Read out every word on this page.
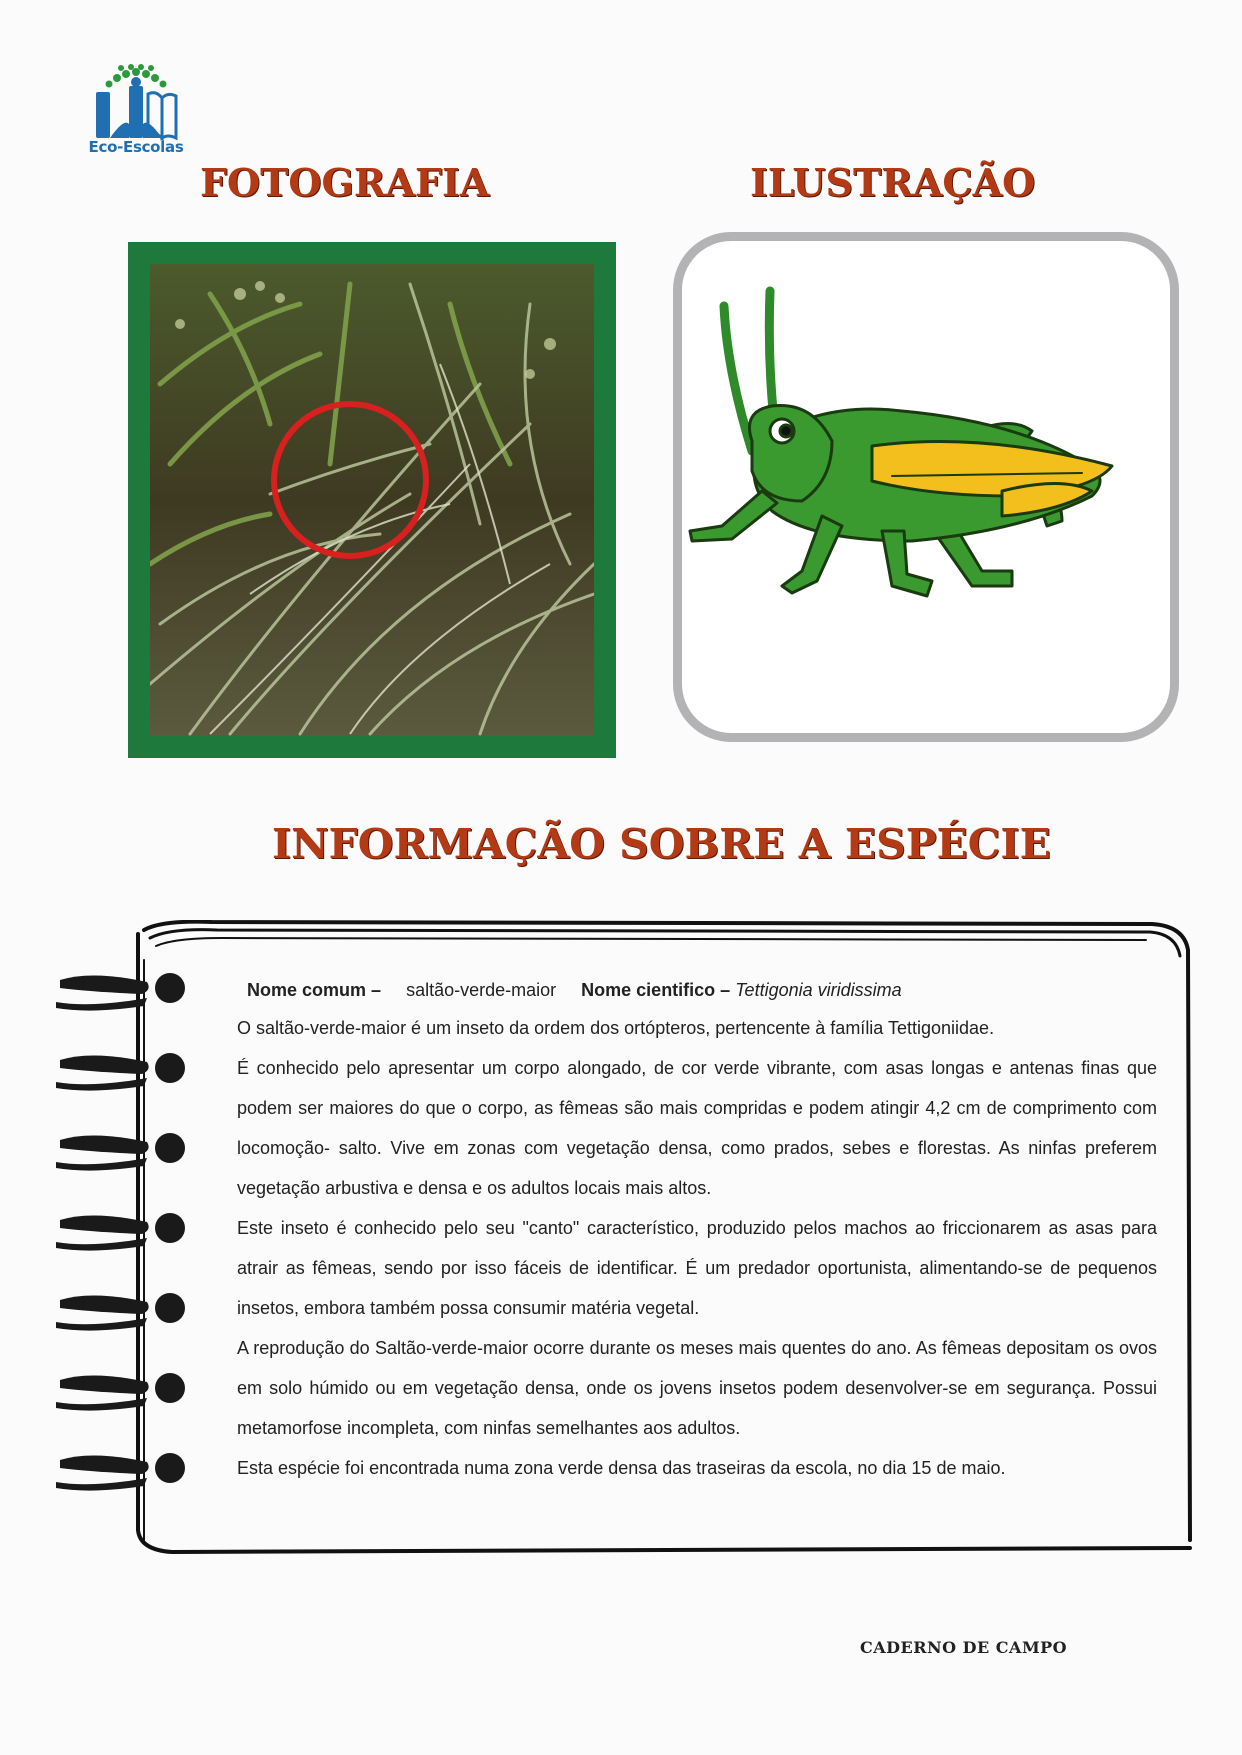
Eco-Escolas
FOTOGRAFIA	ILUSTRAÇÃO
INFORMAÇÃO SOBRE A ESPÉCIE
Nome comum – saltão-verde-maior Nome cientifico – Tettigonia viridissima

O saltão-verde-maior é um inseto da ordem dos ortópteros, pertencente à família Tettigoniidae.

É conhecido pelo apresentar um corpo alongado, de cor verde vibrante, com asas longas e antenas finas que podem ser maiores do que o corpo, as fêmeas são mais compridas e podem atingir 4,2 cm de comprimento com locomoção- salto. Vive em zonas com vegetação densa, como prados, sebes e florestas. As ninfas preferem vegetação arbustiva e densa e os adultos locais mais altos.

Este inseto é conhecido pelo seu "canto" característico, produzido pelos machos ao friccionarem as asas para atrair as fêmeas, sendo por isso fáceis de identificar. É um predador oportunista, alimentando-se de pequenos insetos, embora também possa consumir matéria vegetal.

A reprodução do Saltão-verde-maior ocorre durante os meses mais quentes do ano. As fêmeas depositam os ovos em solo húmido ou em vegetação densa, onde os jovens insetos podem desenvolver-se em segurança. Possui metamorfose incompleta, com ninfas semelhantes aos adultos.

Esta espécie foi encontrada numa zona verde densa das traseiras da escola, no dia 15 de maio.

CADERNO DE CAMPO
